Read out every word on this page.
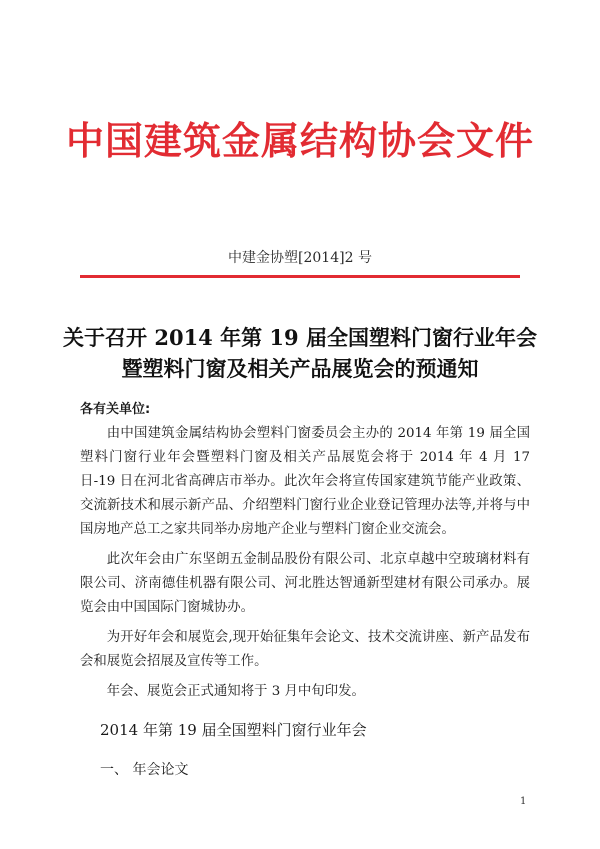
中国建筑金属结构协会文件
中建金协塑[2014]2 号
关于召开 2014 年第 19 届全国塑料门窗行业年会
暨塑料门窗及相关产品展览会的预通知
各有关单位:

由中国建筑金属结构协会塑料门窗委员会主办的 2014 年第 19 届全国塑料门窗行业年会暨塑料门窗及相关产品展览会将于 2014 年 4 月 17 日-19 日在河北省高碑店市举办。此次年会将宣传国家建筑节能产业政策、交流新技术和展示新产品、介绍塑料门窗行业企业登记管理办法等,并将与中国房地产总工之家共同举办房地产企业与塑料门窗企业交流会。

此次年会由广东坚朗五金制品股份有限公司、北京卓越中空玻璃材料有限公司、济南德佳机器有限公司、河北胜达智通新型建材有限公司承办。展览会由中国国际门窗城协办。

为开好年会和展览会,现开始征集年会论文、技术交流讲座、新产品发布会和展览会招展及宣传等工作。

年会、展览会正式通知将于 3 月中旬印发。

2014 年第 19 届全国塑料门窗行业年会
一、 年会论文
1
